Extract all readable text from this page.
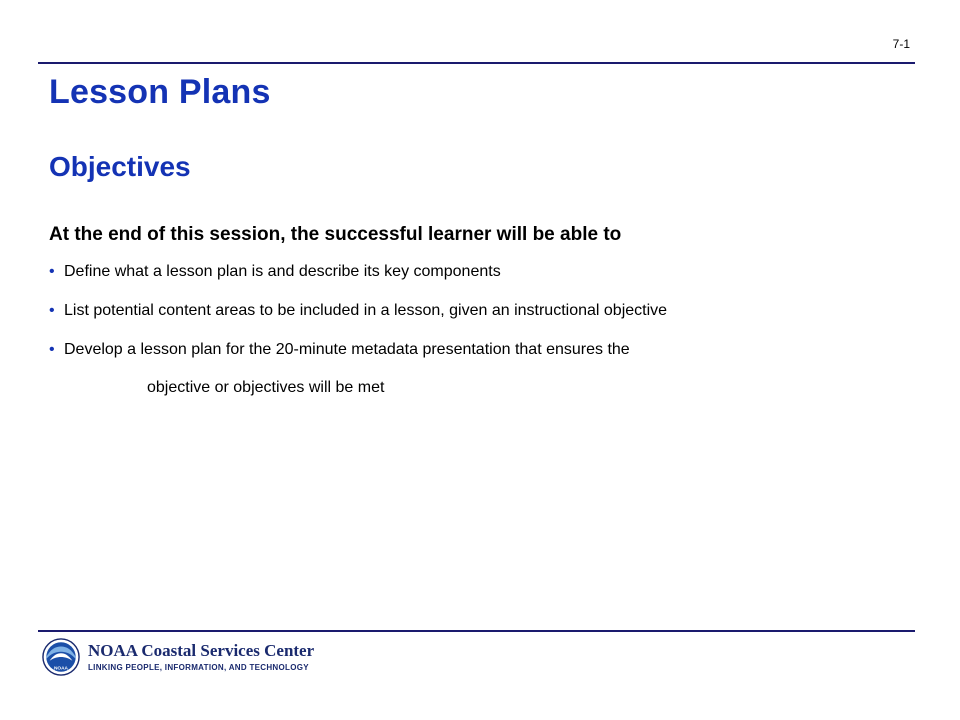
7-1
Lesson Plans
Objectives

At the end of this session, the successful learner will be able to

• Define what a lesson plan is and describe its key components
• List potential content areas to be included in a lesson, given an instructional objective
• Develop a lesson plan for the 20-minute metadata presentation that ensures the
objective or objectives will be met
NOAA
NOAA Coastal Services Center
LINKING PEOPLE, INFORMATION, AND TECHNOLOGY
